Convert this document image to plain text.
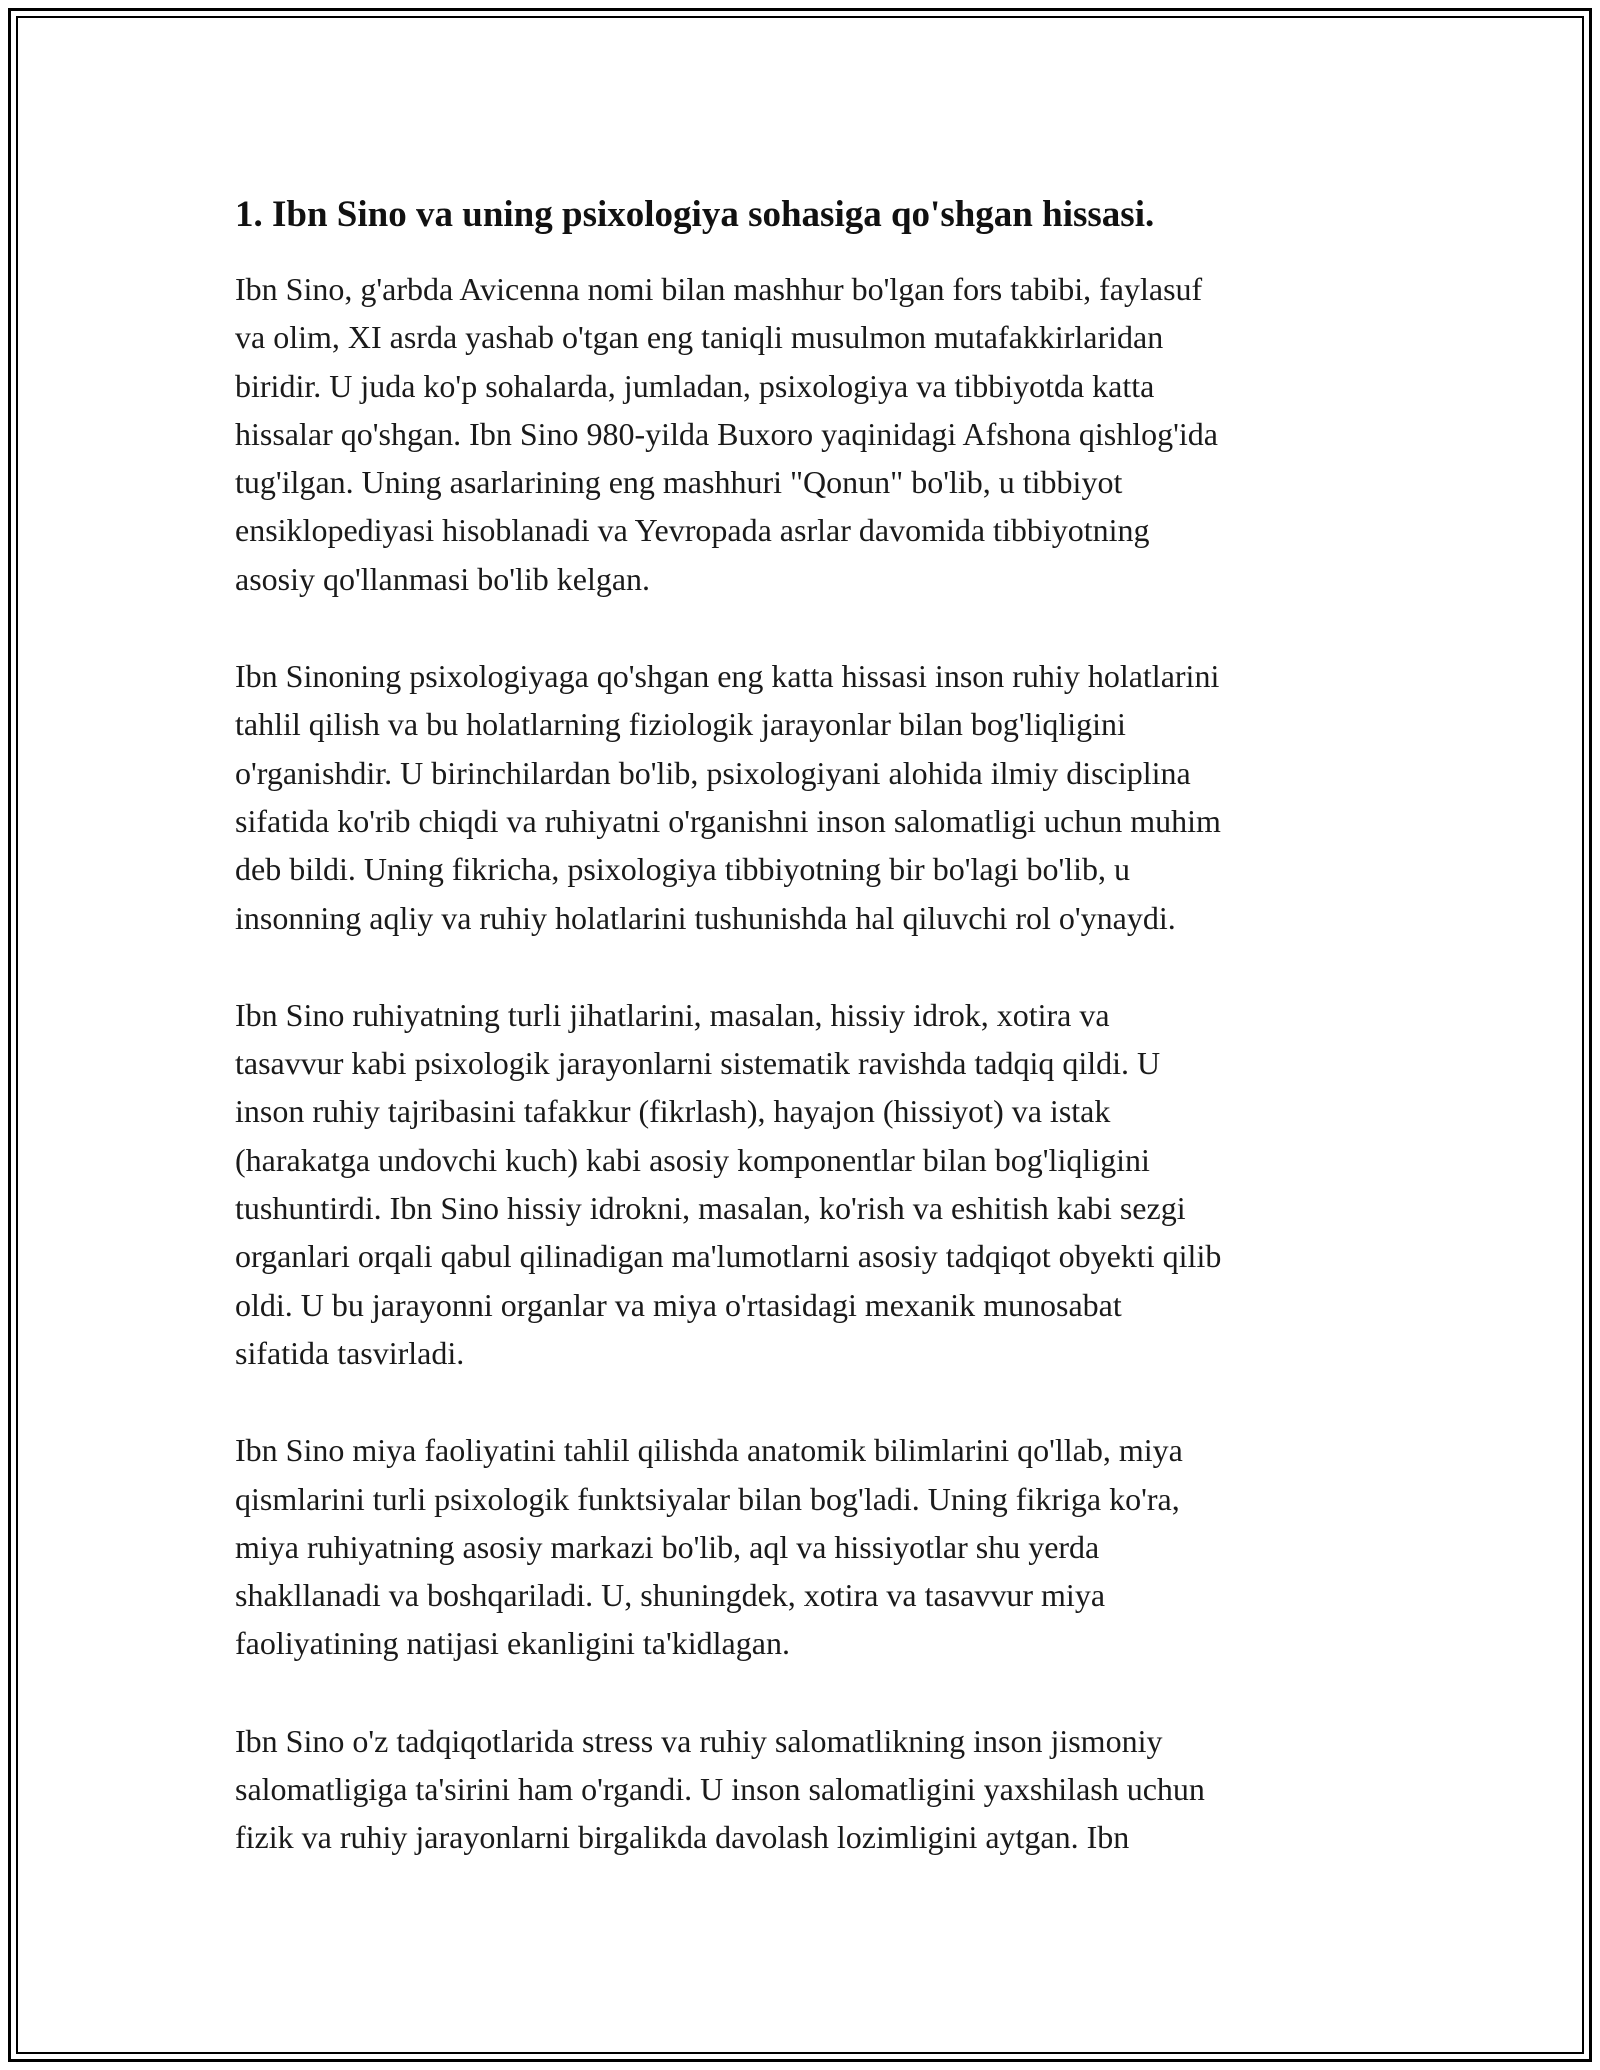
1. Ibn Sino va uning psixologiya sohasiga qo'shgan hissasi.

Ibn Sino, g'arbda Avicenna nomi bilan mashhur bo'lgan fors tabibi, faylasuf
va olim, XI asrda yashab o'tgan eng taniqli musulmon mutafakkirlaridan
biridir. U juda ko'p sohalarda, jumladan, psixologiya va tibbiyotda katta
hissalar qo'shgan. Ibn Sino 980-yilda Buxoro yaqinidagi Afshona qishlog'ida
tug'ilgan. Uning asarlarining eng mashhuri "Qonun" bo'lib, u tibbiyot
ensiklopediyasi hisoblanadi va Yevropada asrlar davomida tibbiyotning
asosiy qo'llanmasi bo'lib kelgan.

Ibn Sinoning psixologiyaga qo'shgan eng katta hissasi inson ruhiy holatlarini
tahlil qilish va bu holatlarning fiziologik jarayonlar bilan bog'liqligini
o'rganishdir. U birinchilardan bo'lib, psixologiyani alohida ilmiy disciplina
sifatida ko'rib chiqdi va ruhiyatni o'rganishni inson salomatligi uchun muhim
deb bildi. Uning fikricha, psixologiya tibbiyotning bir bo'lagi bo'lib, u
insonning aqliy va ruhiy holatlarini tushunishda hal qiluvchi rol o'ynaydi.

Ibn Sino ruhiyatning turli jihatlarini, masalan, hissiy idrok, xotira va
tasavvur kabi psixologik jarayonlarni sistematik ravishda tadqiq qildi. U
inson ruhiy tajribasini tafakkur (fikrlash), hayajon (hissiyot) va istak
(harakatga undovchi kuch) kabi asosiy komponentlar bilan bog'liqligini
tushuntirdi. Ibn Sino hissiy idrokni, masalan, ko'rish va eshitish kabi sezgi
organlari orqali qabul qilinadigan ma'lumotlarni asosiy tadqiqot obyekti qilib
oldi. U bu jarayonni organlar va miya o'rtasidagi mexanik munosabat
sifatida tasvirladi.

Ibn Sino miya faoliyatini tahlil qilishda anatomik bilimlarini qo'llab, miya
qismlarini turli psixologik funktsiyalar bilan bog'ladi. Uning fikriga ko'ra,
miya ruhiyatning asosiy markazi bo'lib, aql va hissiyotlar shu yerda
shakllanadi va boshqariladi. U, shuningdek, xotira va tasavvur miya
faoliyatining natijasi ekanligini ta'kidlagan.

Ibn Sino o'z tadqiqotlarida stress va ruhiy salomatlikning inson jismoniy
salomatligiga ta'sirini ham o'rgandi. U inson salomatligini yaxshilash uchun
fizik va ruhiy jarayonlarni birgalikda davolash lozimligini aytgan. Ibn
